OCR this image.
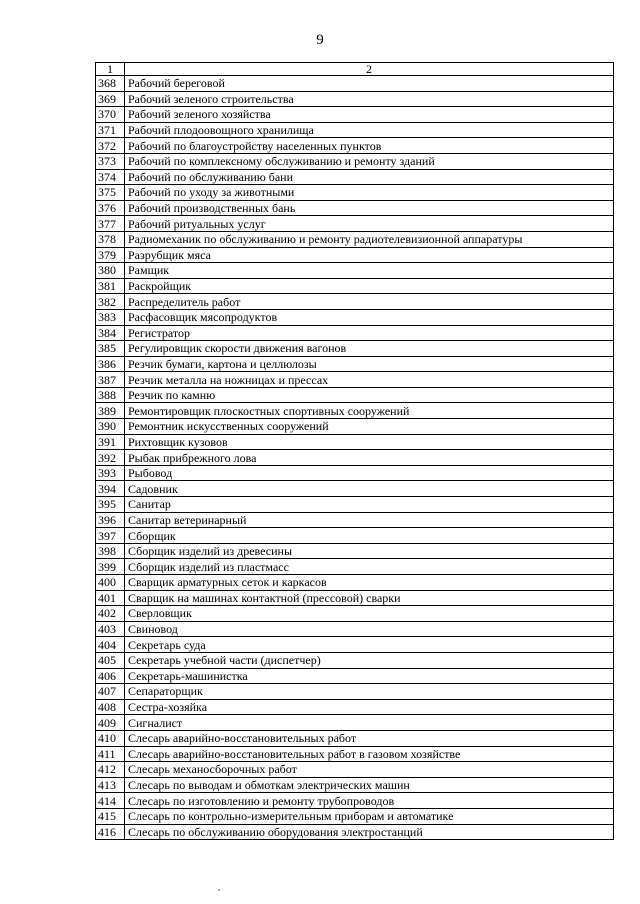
9
1	2
368	Рабочий береговой
369	Рабочий зеленого строительства
370	Рабочий зеленого хозяйства
371	Рабочий плодоовощного хранилища
372	Рабочий по благоустройству населенных пунктов
373	Рабочий по комплексному обслуживанию и ремонту зданий
374	Рабочий по обслуживанию бани
375	Рабочий по уходу за животными
376	Рабочий производственных бань
377	Рабочий ритуальных услуг
378	Радиомеханик по обслуживанию и ремонту радиотелевизионной аппаратуры
379	Разрубщик мяса
380	Рамщик
381	Раскройщик
382	Распределитель работ
383	Расфасовщик мясопродуктов
384	Регистратор
385	Регулировщик скорости движения вагонов
386	Резчик бумаги, картона и целлюлозы
387	Резчик металла на ножницах и прессах
388	Резчик по камню
389	Ремонтировщик плоскостных спортивных сооружений
390	Ремонтник искусственных сооружений
391	Рихтовщик кузовов
392	Рыбак прибрежного лова
393	Рыбовод
394	Садовник
395	Санитар
396	Санитар ветеринарный
397	Сборщик
398	Сборщик изделий из древесины
399	Сборщик изделий из пластмасс
400	Сварщик арматурных сеток и каркасов
401	Сварщик на машинах контактной (прессовой) сварки
402	Сверловщик
403	Свиновод
404	Секретарь суда
405	Секретарь учебной части (диспетчер)
406	Секретарь-машинистка
407	Сепараторщик
408	Сестра-хозяйка
409	Сигналист
410	Слесарь аварийно-восстановительных работ
411	Слесарь аварийно-восстановительных работ в газовом хозяйстве
412	Слесарь механосборочных работ
413	Слесарь по выводам и обмоткам электрических машин
414	Слесарь по изготовлению и ремонту трубопроводов
415	Слесарь по контрольно-измерительным приборам и автоматике
416	Слесарь по обслуживанию оборудования электростанций
